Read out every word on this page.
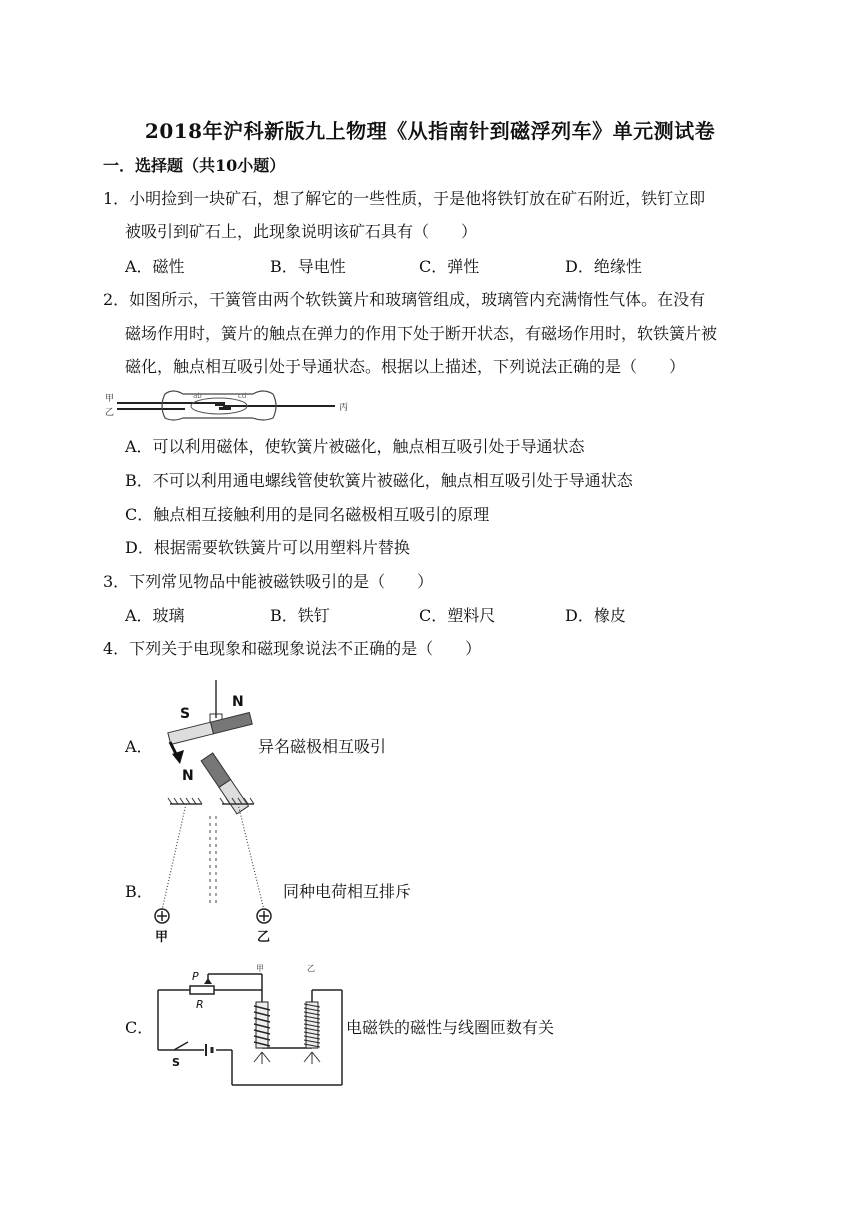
2018年沪科新版九上物理《从指南针到磁浮列车》单元测试卷
一．选择题（共10小题）
1．小明捡到一块矿石，想了解它的一些性质，于是他将铁钉放在矿石附近，铁钉立即
被吸引到矿石上，此现象说明该矿石具有（　　）
A．磁性	B．导电性	C．弹性	D．绝缘性
2．如图所示，干簧管由两个软铁簧片和玻璃管组成，玻璃管内充满惰性气体。在没有
磁场作用时，簧片的触点在弹力的作用下处于断开状态，有磁场作用时，软铁簧片被
磁化，触点相互吸引处于导通状态。根据以上描述，下列说法正确的是（　　）
甲
乙	丙
ab	cd
A．可以利用磁体，使软簧片被磁化，触点相互吸引处于导通状态
B．不可以利用通电螺线管使软簧片被磁化，触点相互吸引处于导通状态
C．触点相互接触利用的是同名磁极相互吸引的原理
D．根据需要软铁簧片可以用塑料片替换
3．下列常见物品中能被磁铁吸引的是（　　）
A．玻璃	B．铁钉	C．塑料尺	D．橡皮
4．下列关于电现象和磁现象说法不正确的是（　　）
A．
S
N
N
异名磁极相互吸引
B．
甲	乙
同种电荷相互排斥
C．
P
R
S
甲	乙
电磁铁的磁性与线圈匝数有关
